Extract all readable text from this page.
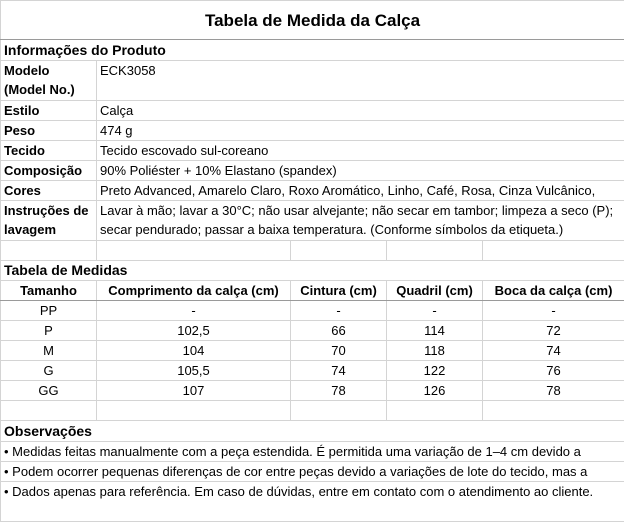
Tabela de Medida da Calça				
Informações do Produto				
Modelo (Model No.)	ECK3058			
Estilo	Calça			
Peso	474 g			
Tecido	Tecido escovado sul-coreano			
Composição	90% Poliéster + 10% Elastano (spandex)			
Cores	Preto Advanced, Amarelo Claro, Roxo Aromático, Linho, Café, Rosa, Cinza Vulcânico,			
Instruções de lavagem	Lavar à mão; lavar a 30°C; não usar alvejante; não secar em tambor; limpeza a seco (P); secar pendurado; passar a baixa temperatura. (Conforme símbolos da etiqueta.)			

Tabela de Medidas				
Tamanho	Comprimento da calça (cm)	Cintura (cm)	Quadril (cm)	Boca da calça (cm)
PP	-	-	-	-
P	102,5	66	114	72
M	104	70	118	74
G	105,5	74	122	76
GG	107	78	126	78

Observações				
• Medidas feitas manualmente com a peça estendida. É permitida uma variação de 1–4 cm devido a				
• Podem ocorrer pequenas diferenças de cor entre peças devido a variações de lote do tecido, mas a				
• Dados apenas para referência. Em caso de dúvidas, entre em contato com o atendimento ao cliente.				
